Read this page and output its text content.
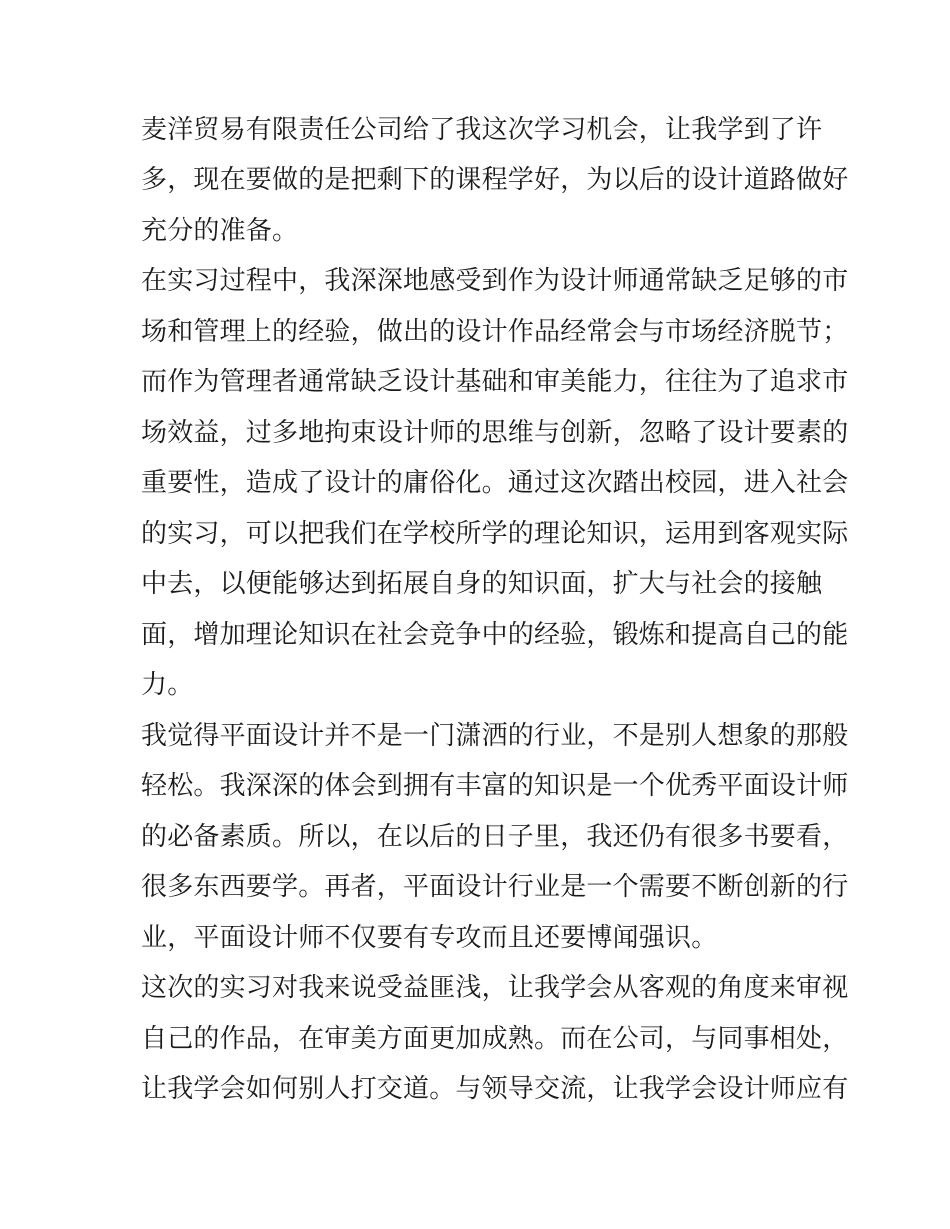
麦洋贸易有限责任公司给了我这次学习机会，让我学到了许
多，现在要做的是把剩下的课程学好，为以后的设计道路做好
充分的准备。
在实习过程中，我深深地感受到作为设计师通常缺乏足够的市
场和管理上的经验，做出的设计作品经常会与市场经济脱节；
而作为管理者通常缺乏设计基础和审美能力，往往为了追求市
场效益，过多地拘束设计师的思维与创新，忽略了设计要素的
重要性，造成了设计的庸俗化。通过这次踏出校园，进入社会
的实习，可以把我们在学校所学的理论知识，运用到客观实际
中去，以便能够达到拓展自身的知识面，扩大与社会的接触
面，增加理论知识在社会竞争中的经验，锻炼和提高自己的能
力。
我觉得平面设计并不是一门潇洒的行业，不是别人想象的那般
轻松。我深深的体会到拥有丰富的知识是一个优秀平面设计师
的必备素质。所以，在以后的日子里，我还仍有很多书要看，
很多东西要学。再者，平面设计行业是一个需要不断创新的行
业，平面设计师不仅要有专攻而且还要博闻强识。
这次的实习对我来说受益匪浅，让我学会从客观的角度来审视
自己的作品，在审美方面更加成熟。而在公司，与同事相处，
让我学会如何别人打交道。与领导交流，让我学会设计师应有
